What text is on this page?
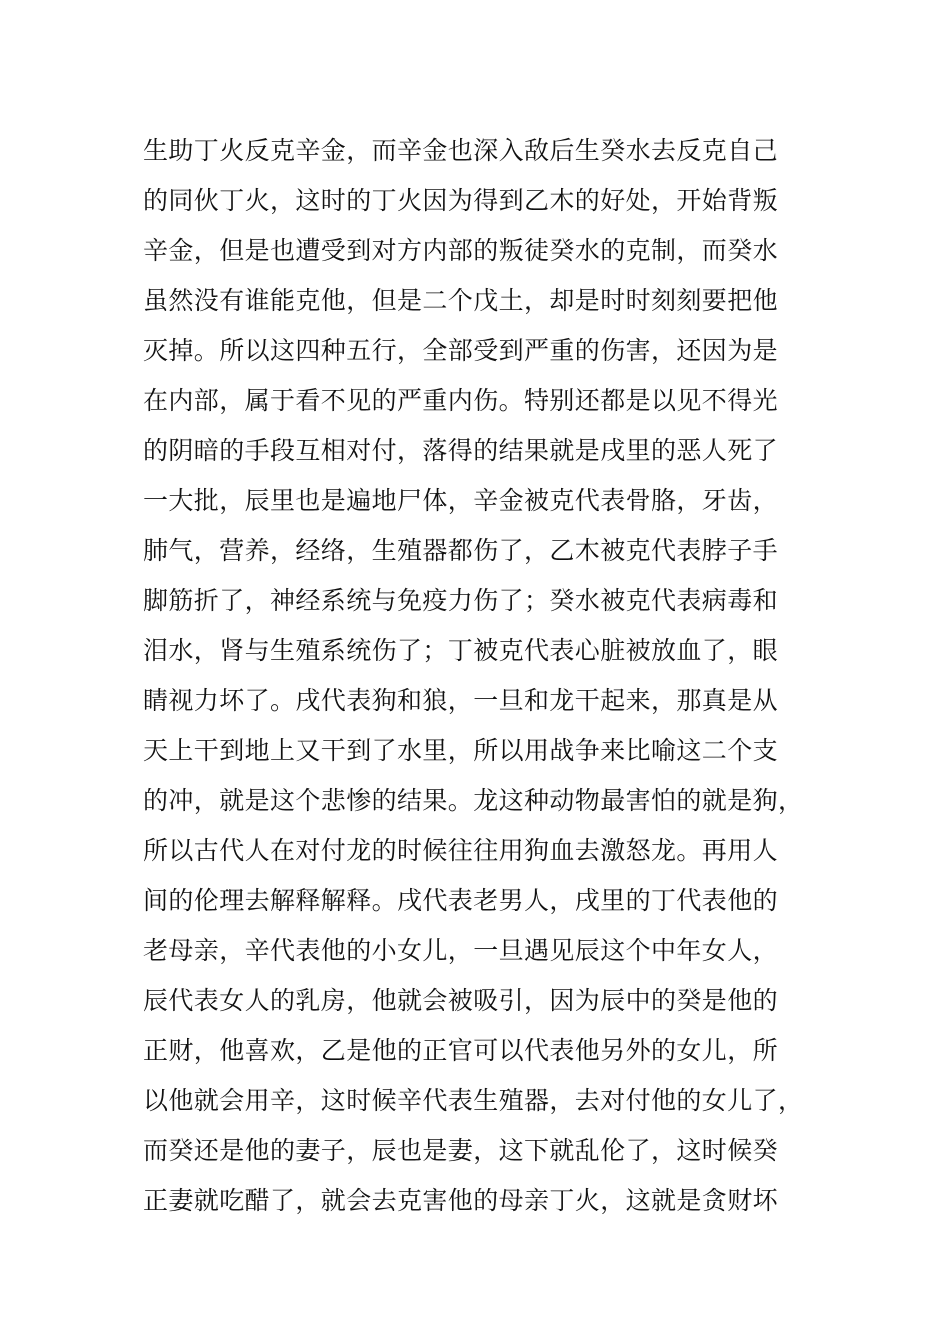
生助丁火反克辛金，而辛金也深入敌后生癸水去反克自己
的同伙丁火，这时的丁火因为得到乙木的好处，开始背叛
辛金，但是也遭受到对方内部的叛徒癸水的克制，而癸水
虽然没有谁能克他，但是二个戊土，却是时时刻刻要把他
灭掉。所以这四种五行，全部受到严重的伤害，还因为是
在内部，属于看不见的严重内伤。特别还都是以见不得光
的阴暗的手段互相对付，落得的结果就是戌里的恶人死了
一大批，辰里也是遍地尸体，辛金被克代表骨胳，牙齿，
肺气，营养，经络，生殖器都伤了，乙木被克代表脖子手
脚筋折了，神经系统与免疫力伤了；癸水被克代表病毒和
泪水，肾与生殖系统伤了；丁被克代表心脏被放血了，眼
睛视力坏了。戌代表狗和狼，一旦和龙干起来，那真是从
天上干到地上又干到了水里，所以用战争来比喻这二个支
的冲，就是这个悲惨的结果。龙这种动物最害怕的就是狗，
所以古代人在对付龙的时候往往用狗血去激怒龙。再用人
间的伦理去解释解释。戌代表老男人，戌里的丁代表他的
老母亲，辛代表他的小女儿，一旦遇见辰这个中年女人，
辰代表女人的乳房，他就会被吸引，因为辰中的癸是他的
正财，他喜欢，乙是他的正官可以代表他另外的女儿，所
以他就会用辛，这时候辛代表生殖器，去对付他的女儿了，
而癸还是他的妻子，辰也是妻，这下就乱伦了，这时候癸
正妻就吃醋了，就会去克害他的母亲丁火，这就是贪财坏
